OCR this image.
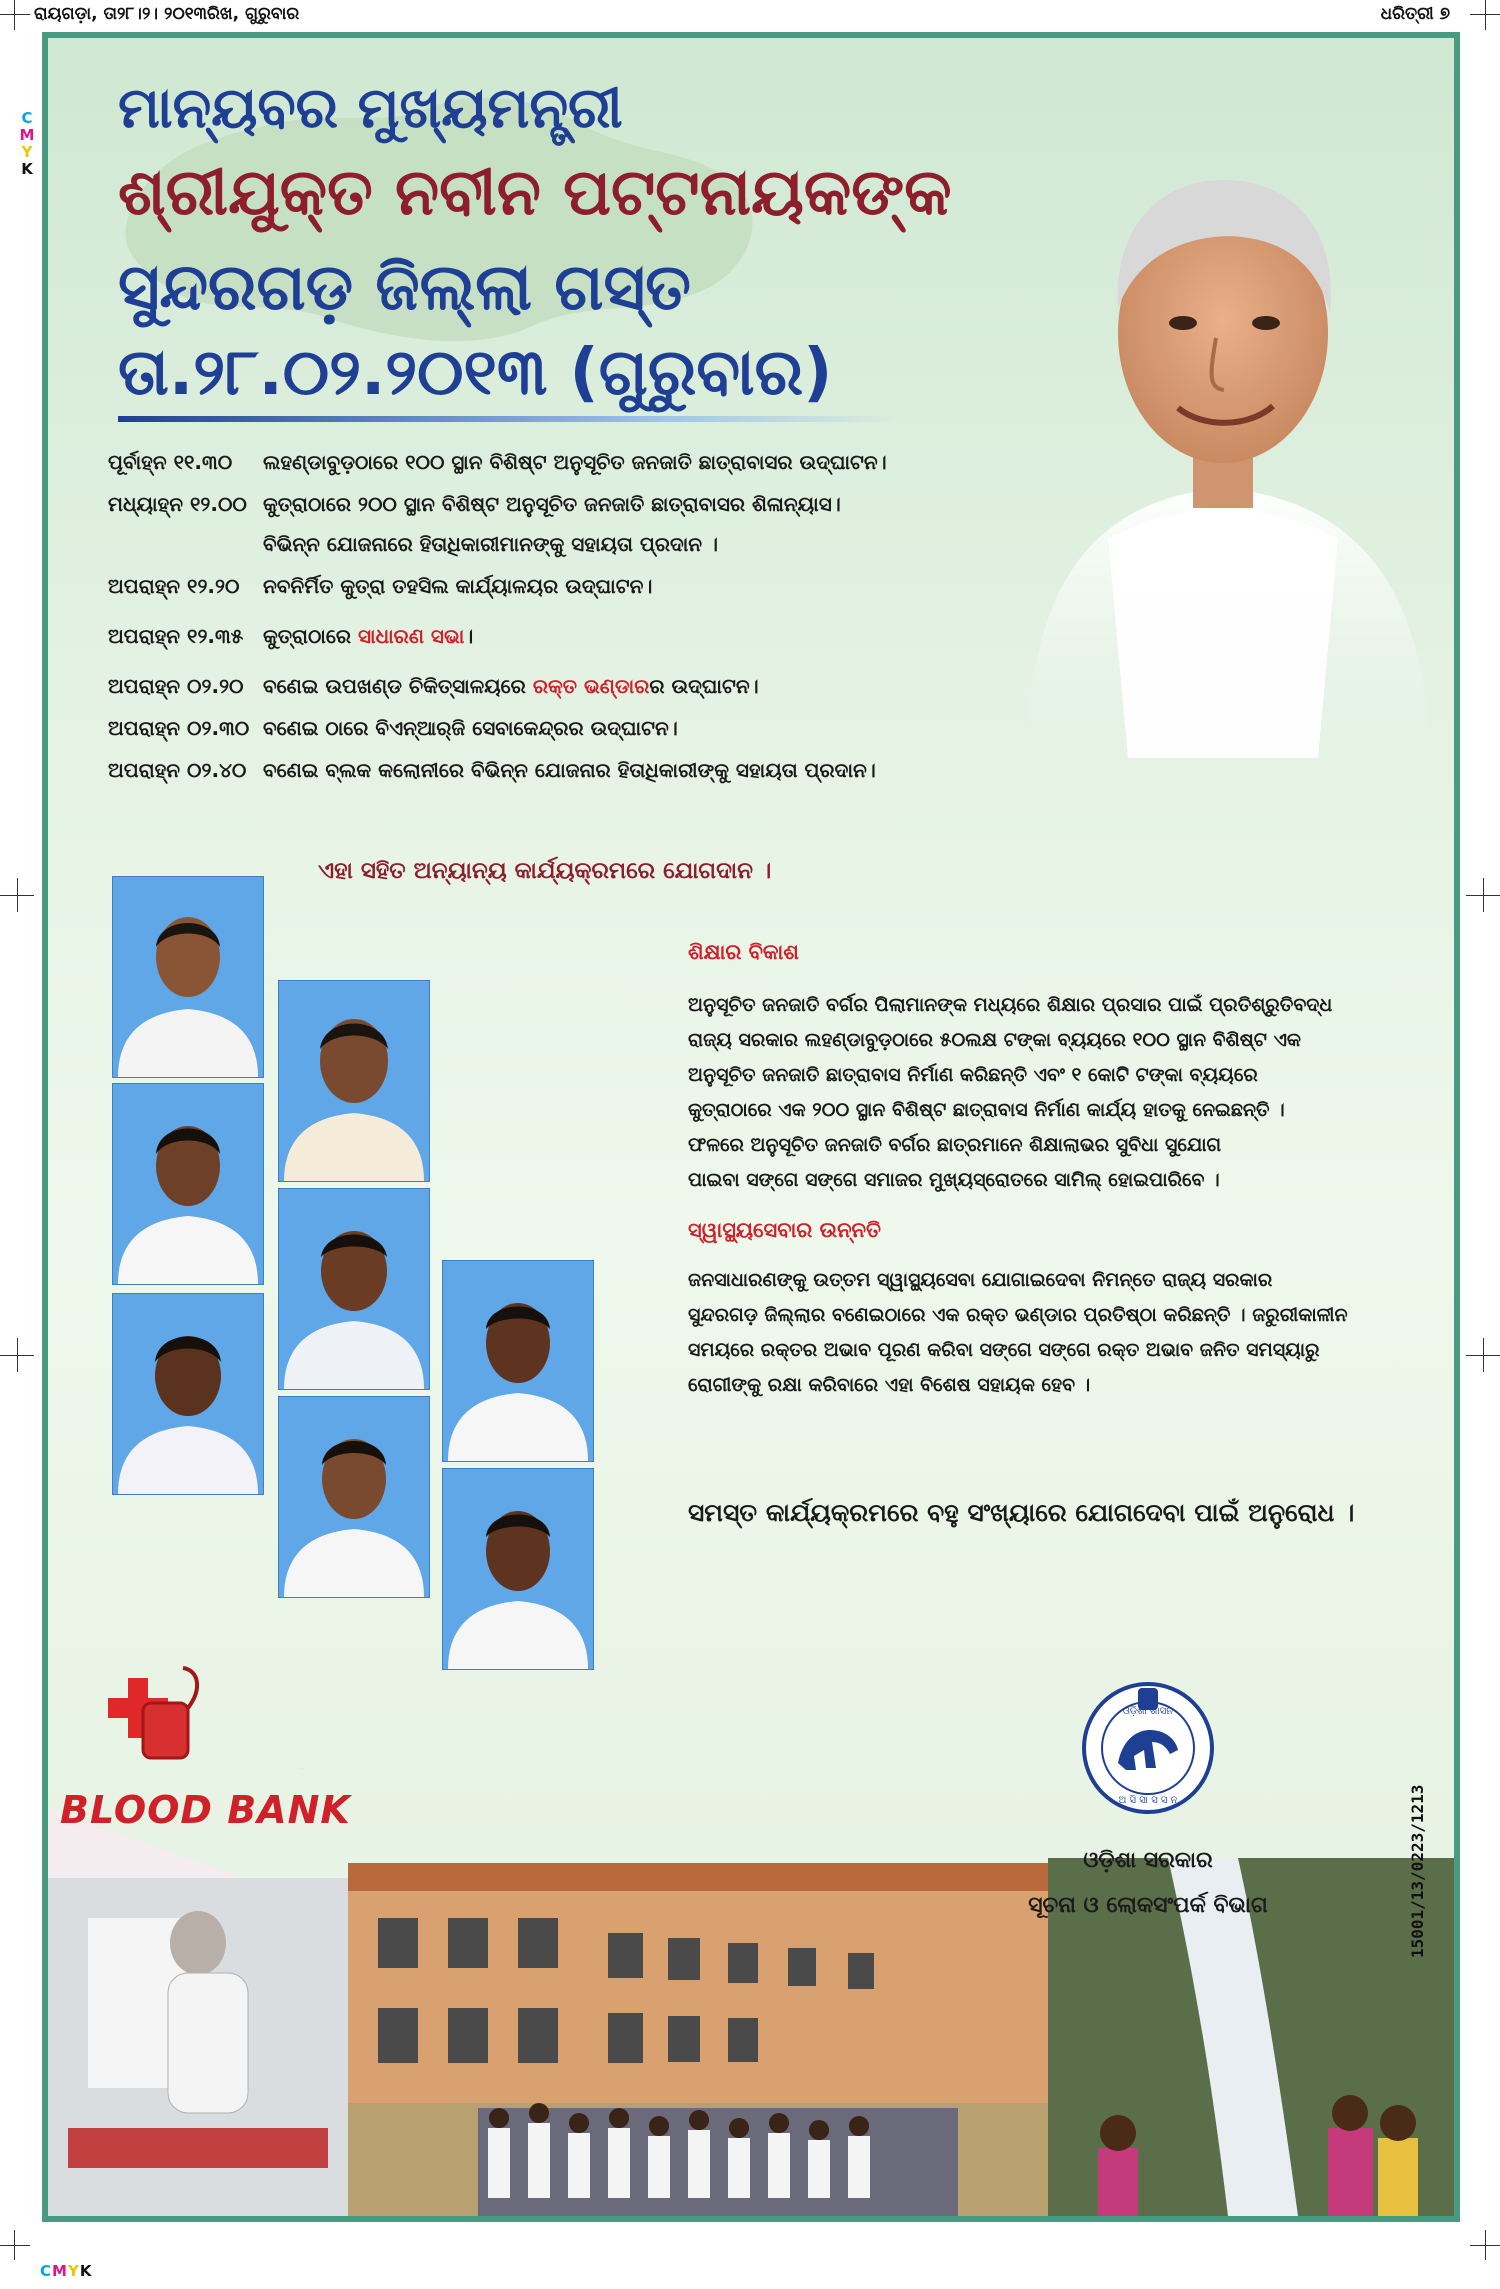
ରାୟଗଡ଼ା, ତା୨୮।୨। ୨୦୧୩ରିଖ, ଗୁରୁବାର	ଧରିତ୍ରୀ ୭
C
M
Y
K
CMYK
ମାନ୍ୟବର ମୁଖ୍ୟମନ୍ତ୍ରୀ
ଶ୍ରୀଯୁକ୍ତ ନବୀନ ପଟ୍ଟନାୟକଙ୍କ
ସୁନ୍ଦରଗଡ଼ ଜିଲ୍ଲା ଗସ୍ତ
ତା.୨୮.୦୨.୨୦୧୩ (ଗୁରୁବାର)
ପୂର୍ବାହ୍ନ ୧୧.୩୦	ଲହଣ୍ଡାବୁଡ଼ଠାରେ ୧୦୦ ସ୍ଥାନ ବିଶିଷ୍ଟ ଅନୁସୂଚିତ ଜନଜାତି ଛାତ୍ରାବାସର ଉଦ୍‌ଘାଟନ।
ମଧ୍ୟାହ୍ନ ୧୨.୦୦ କୁତ୍ରାଠାରେ ୨୦୦ ସ୍ଥାନ ବିଶିଷ୍ଟ ଅନୁସୂଚିତ ଜନଜାତି ଛାତ୍ରାବାସର ଶିଳାନ୍ୟାସ।
ବିଭିନ୍ନ ଯୋଜନାରେ ହିତାଧିକାରୀମାନଙ୍କୁ ସହାୟତା ପ୍ରଦାନ ।
ଅପରାହ୍ନ ୧୨.୨୦	ନବନିର୍ମିତ କୁତ୍ରା ତହସିଲ କାର୍ଯ୍ୟାଳୟର ଉଦ୍‌ଘାଟନ।
ଅପରାହ୍ନ ୧୨.୩୫ କୁତ୍ରାଠାରେ ସାଧାରଣ ସଭା।
ଅପରାହ୍ନ ୦୨.୨୦ ବଣେଇ ଉପଖଣ୍ଡ ଚିକିତ୍ସାଳୟରେ ରକ୍ତ ଭଣ୍ଡାରର ଉଦ୍‌ଘାଟନ।
ଅପରାହ୍ନ ୦୨.୩୦ ବଣେଇ ଠାରେ ବିଏନ୍‌ଆର୍‌ଜି ସେବାକେନ୍ଦ୍ରର ଉଦ୍‌ଘାଟନ।
ଅପରାହ୍ନ ୦୨.୪୦ ବଣେଇ ବ୍ଲକ କଲୋନୀରେ ବିଭିନ୍ନ ଯୋଜନାର ହିତାଧିକାରୀଙ୍କୁ ସହାୟତା ପ୍ରଦାନ।
ଏହା ସହିତ ଅନ୍ୟାନ୍ୟ କାର୍ଯ୍ୟକ୍ରମରେ ଯୋଗଦାନ ।
ଶିକ୍ଷାର ବିକାଶ
ଅନୁସୂଚିତ ଜନଜାତି ବର୍ଗର ପିଲାମାନଙ୍କ ମଧ୍ୟରେ ଶିକ୍ଷାର ପ୍ରସାର ପାଇଁ ପ୍ରତିଶ୍ରୁତିବଦ୍ଧ
ରାଜ୍ୟ ସରକାର ଲହଣ୍ଡାବୁଡ଼ଠାରେ ୫୦ଲକ୍ଷ ଟଙ୍କା ବ୍ୟୟରେ ୧୦୦ ସ୍ଥାନ ବିଶିଷ୍ଟ ଏକ
ଅନୁସୂଚିତ ଜନଜାତି ଛାତ୍ରାବାସ ନିର୍ମାଣ କରିଛନ୍ତି ଏବଂ ୧ କୋଟି ଟଙ୍କା ବ୍ୟୟରେ
କୁତ୍ରାଠାରେ ଏକ ୨୦୦ ସ୍ଥାନ ବିଶିଷ୍ଟ ଛାତ୍ରାବାସ ନିର୍ମାଣ କାର୍ଯ୍ୟ ହାତକୁ ନେଇଛନ୍ତି ।
ଫଳରେ ଅନୁସୂଚିତ ଜନଜାତି ବର୍ଗର ଛାତ୍ରମାନେ ଶିକ୍ଷାଲାଭର ସୁବିଧା ସୁଯୋଗ
ପାଇବା ସଙ୍ଗେ ସଙ୍ଗେ ସମାଜର ମୁଖ୍ୟସ୍ରୋତରେ ସାମିଲ୍ ହୋଇପାରିବେ ।
ସ୍ୱାସ୍ଥ୍ୟସେବାର ଉନ୍ନତି
ଜନସାଧାରଣଙ୍କୁ ଉତ୍ତମ ସ୍ୱାସ୍ଥ୍ୟସେବା ଯୋଗାଇଦେବା ନିମନ୍ତେ ରାଜ୍ୟ ସରକାର
ସୁନ୍ଦରଗଡ଼ ଜିଲ୍ଲାର ବଣେଇଠାରେ ଏକ ରକ୍ତ ଭଣ୍ଡାର ପ୍ରତିଷ୍ଠା କରିଛନ୍ତି । ଜରୁରୀକାଳୀନ
ସମୟରେ ରକ୍ତର ଅଭାବ ପୂରଣ କରିବା ସଙ୍ଗେ ସଙ୍ଗେ ରକ୍ତ ଅଭାବ ଜନିତ ସମସ୍ୟାରୁ
ରୋଗୀଙ୍କୁ ରକ୍ଷା କରିବାରେ ଏହା ବିଶେଷ ସହାୟକ ହେବ ।
ସମସ୍ତ କାର୍ଯ୍ୟକ୍ରମରେ ବହୁ ସଂଖ୍ୟାରେ ଯୋଗଦେବା ପାଇଁ ଅନୁରୋଧ ।
BLOOD BANK
ଓଡ଼ିଶା ଶାସନ
ଅ ସି ସା ସ ସ ନ
ଓଡ଼ିଶା ସରକାର
ସୂଚନା ଓ ଲୋକସଂପର୍କ ବିଭାଗ	15001/13/0223/1213
